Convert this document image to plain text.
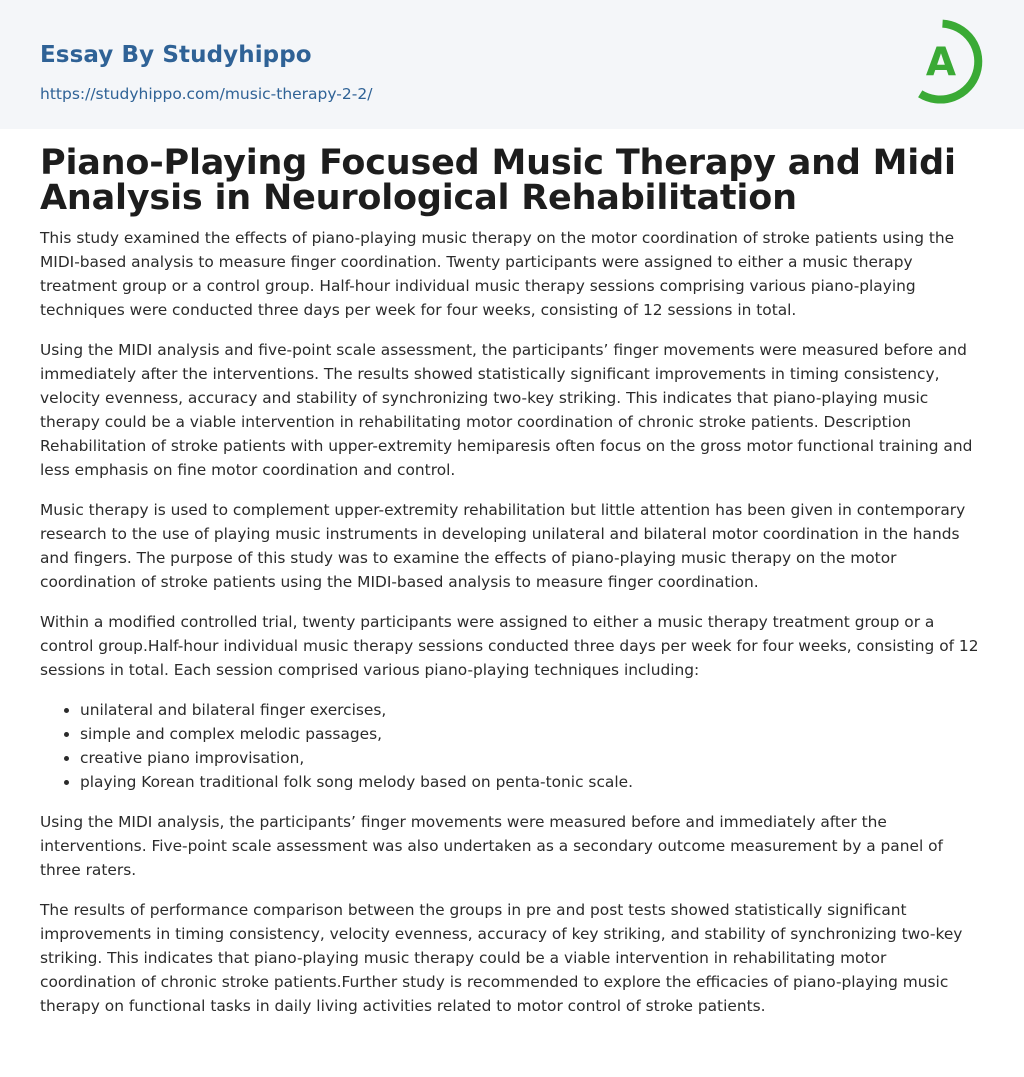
Essay By Studyhippo
https://studyhippo.com/music-therapy-2-2/
A
Piano-Playing Focused Music Therapy and Midi Analysis in Neurological Rehabilitation

This study examined the effects of piano-playing music therapy on the motor coordination of stroke patients using the MIDI-based analysis to measure finger coordination. Twenty participants were assigned to either a music therapy treatment group or a control group. Half-hour individual music therapy sessions comprising various piano-playing techniques were conducted three days per week for four weeks, consisting of 12 sessions in total.

Using the MIDI analysis and five-point scale assessment, the participants’ finger movements were measured before and immediately after the interventions. The results showed statistically significant improvements in timing consistency, velocity evenness, accuracy and stability of synchronizing two-key striking. This indicates that piano-playing music therapy could be a viable intervention in rehabilitating motor coordination of chronic stroke patients. Description Rehabilitation of stroke patients with upper-extremity hemiparesis often focus on the gross motor functional training and less emphasis on fine motor coordination and control.

Music therapy is used to complement upper-extremity rehabilitation but little attention has been given in contemporary research to the use of playing music instruments in developing unilateral and bilateral motor coordination in the hands and fingers. The purpose of this study was to examine the effects of piano-playing music therapy on the motor coordination of stroke patients using the MIDI-based analysis to measure finger coordination.

Within a modified controlled trial, twenty participants were assigned to either a music therapy treatment group or a control group.Half-hour individual music therapy sessions conducted three days per week for four weeks, consisting of 12 sessions in total. Each session comprised various piano-playing techniques including:

• unilateral and bilateral finger exercises,
• simple and complex melodic passages,
• creative piano improvisation,
• playing Korean traditional folk song melody based on penta-tonic scale.

Using the MIDI analysis, the participants’ finger movements were measured before and immediately after the interventions. Five-point scale assessment was also undertaken as a secondary outcome measurement by a panel of three raters.

The results of performance comparison between the groups in pre and post tests showed statistically significant improvements in timing consistency, velocity evenness, accuracy of key striking, and stability of synchronizing two-key striking. This indicates that piano-playing music therapy could be a viable intervention in rehabilitating motor coordination of chronic stroke patients.Further study is recommended to explore the efficacies of piano-playing music therapy on functional tasks in daily living activities related to motor control of stroke patients.
